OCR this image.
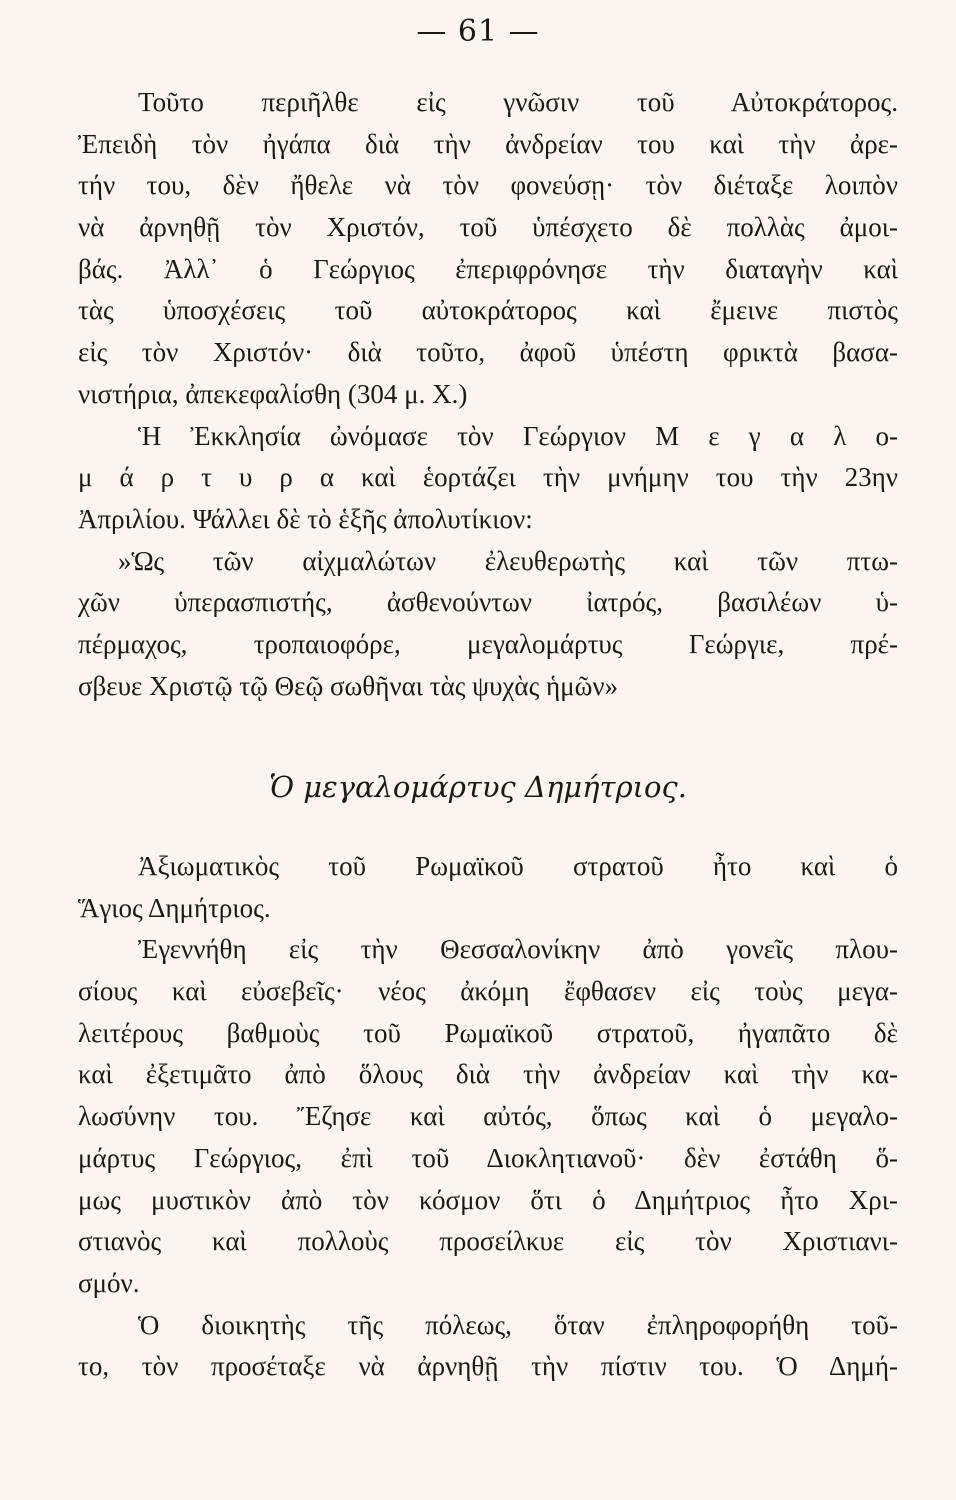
— 61 —
Τοῦτο περιῆλθε εἰς γνῶσιν τοῦ Αὐτοκράτορος.
Ἐπειδὴ τὸν ἠγάπα διὰ τὴν ἀνδρείαν του καὶ τὴν ἀρε-
τήν του, δὲν ἤθελε νὰ τὸν φονεύσῃ· τὸν διέταξε λοιπὸν
νὰ ἀρνηθῇ τὸν Χριστόν, τοῦ ὑπέσχετο δὲ πολλὰς ἀμοι-
βάς. Ἀλλ᾽ ὁ Γεώργιος ἐπεριφρόνησε τὴν διαταγὴν καὶ
τὰς ὑποσχέσεις τοῦ αὐτοκράτορος καὶ ἔμεινε πιστὸς
εἰς τὸν Χριστόν· διὰ τοῦτο, ἀφοῦ ὑπέστη φρικτὰ βασα-
νιστήρια, ἀπεκεφαλίσθη (304 μ. Χ.)
Ἡ Ἐκκλησία ὠνόμασε τὸν Γεώργιον Μ ε γ α λ ο-
μ ά ρ τ υ ρ α καὶ ἑορτάζει τὴν μνήμην του τὴν 23ην
Ἀπριλίου. Ψάλλει δὲ τὸ ἑξῆς ἀπολυτίκιον:
»Ὡς τῶν αἰχμαλώτων ἐλευθερωτὴς καὶ τῶν πτω-
χῶν ὑπερασπιστής, ἀσθενούντων ἰατρός, βασιλέων ὑ-
πέρμαχος, τροπαιοφόρε, μεγαλομάρτυς Γεώργιε, πρέ-
σβευε Χριστῷ τῷ Θεῷ σωθῆναι τὰς ψυχὰς ἡμῶν»
Ὁ μεγαλομάρτυς Δημήτριος.
Ἀξιωματικὸς τοῦ Ρωμαϊκοῦ στρατοῦ ἦτο καὶ ὁ
Ἅγιος Δημήτριος.
Ἐγεννήθη εἰς τὴν Θεσσαλονίκην ἀπὸ γονεῖς πλου-
σίους καὶ εὐσεβεῖς· νέος ἀκόμη ἔφθασεν εἰς τοὺς μεγα-
λειτέρους βαθμοὺς τοῦ Ρωμαϊκοῦ στρατοῦ, ἠγαπᾶτο δὲ
καὶ ἐξετιμᾶτο ἀπὸ ὅλους διὰ τὴν ἀνδρείαν καὶ τὴν κα-
λωσύνην του. Ἔζησε καὶ αὐτός, ὅπως καὶ ὁ μεγαλο-
μάρτυς Γεώργιος, ἐπὶ τοῦ Διοκλητιανοῦ· δὲν ἐστάθη ὅ-
μως μυστικὸν ἀπὸ τὸν κόσμον ὅτι ὁ Δημήτριος ἦτο Χρι-
στιανὸς καὶ πολλοὺς προσείλκυε εἰς τὸν Χριστιανι-
σμόν.
Ὁ διοικητὴς τῆς πόλεως, ὅταν ἐπληροφορήθη τοῦ-
το, τὸν προσέταξε νὰ ἀρνηθῇ τὴν πίστιν του. Ὁ Δημή-
